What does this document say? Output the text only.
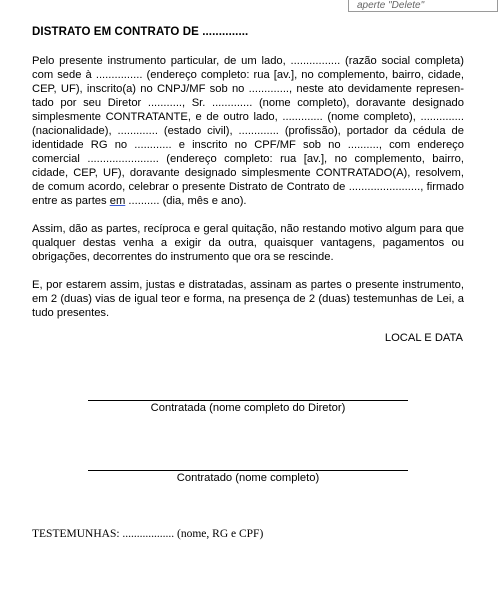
aperte "Delete"
DISTRATO EM CONTRATO DE ..............

Pelo presente instrumento particular, de um lado, ................ (razão social completa) com sede à ............... (endereço completo: rua [av.], no complemento, bairro, cidade, CEP, UF), inscrito(a) no CNPJ/MF sob no ............., neste ato devidamente representado por seu Diretor ..........., Sr. ............. (nome completo), doravante designado simplesmente CONTRATANTE, e de outro lado, ............. (nome completo), .............. (nacionalidade), ............. (estado civil), ............. (profissão), portador da cédula de identidade RG no ............ e inscrito no CPF/MF sob no .........., com endereço comercial ....................... (endereço completo: rua [av.], no complemento, bairro, cidade, CEP, UF), doravante designado simplesmente CONTRATADO(A), resolvem, de comum acordo, celebrar o presente Distrato de Contrato de ......................., firmado entre as partes em .......... (dia, mês e ano).

Assim, dão as partes, recíproca e geral quitação, não restando motivo algum para que qualquer destas venha a exigir da outra, quaisquer vantagens, pagamentos ou obrigações, decorrentes do instrumento que ora se rescinde.

E, por estarem assim, justas e distratadas, assinam as partes o presente instrumento, em 2 (duas) vias de igual teor e forma, na presença de 2 (duas) testemunhas de Lei, a tudo presentes.

LOCAL E DATA
Contratada (nome completo do Diretor)
Contratado (nome completo)
TESTEMUNHAS: .................. (nome, RG e CPF)
